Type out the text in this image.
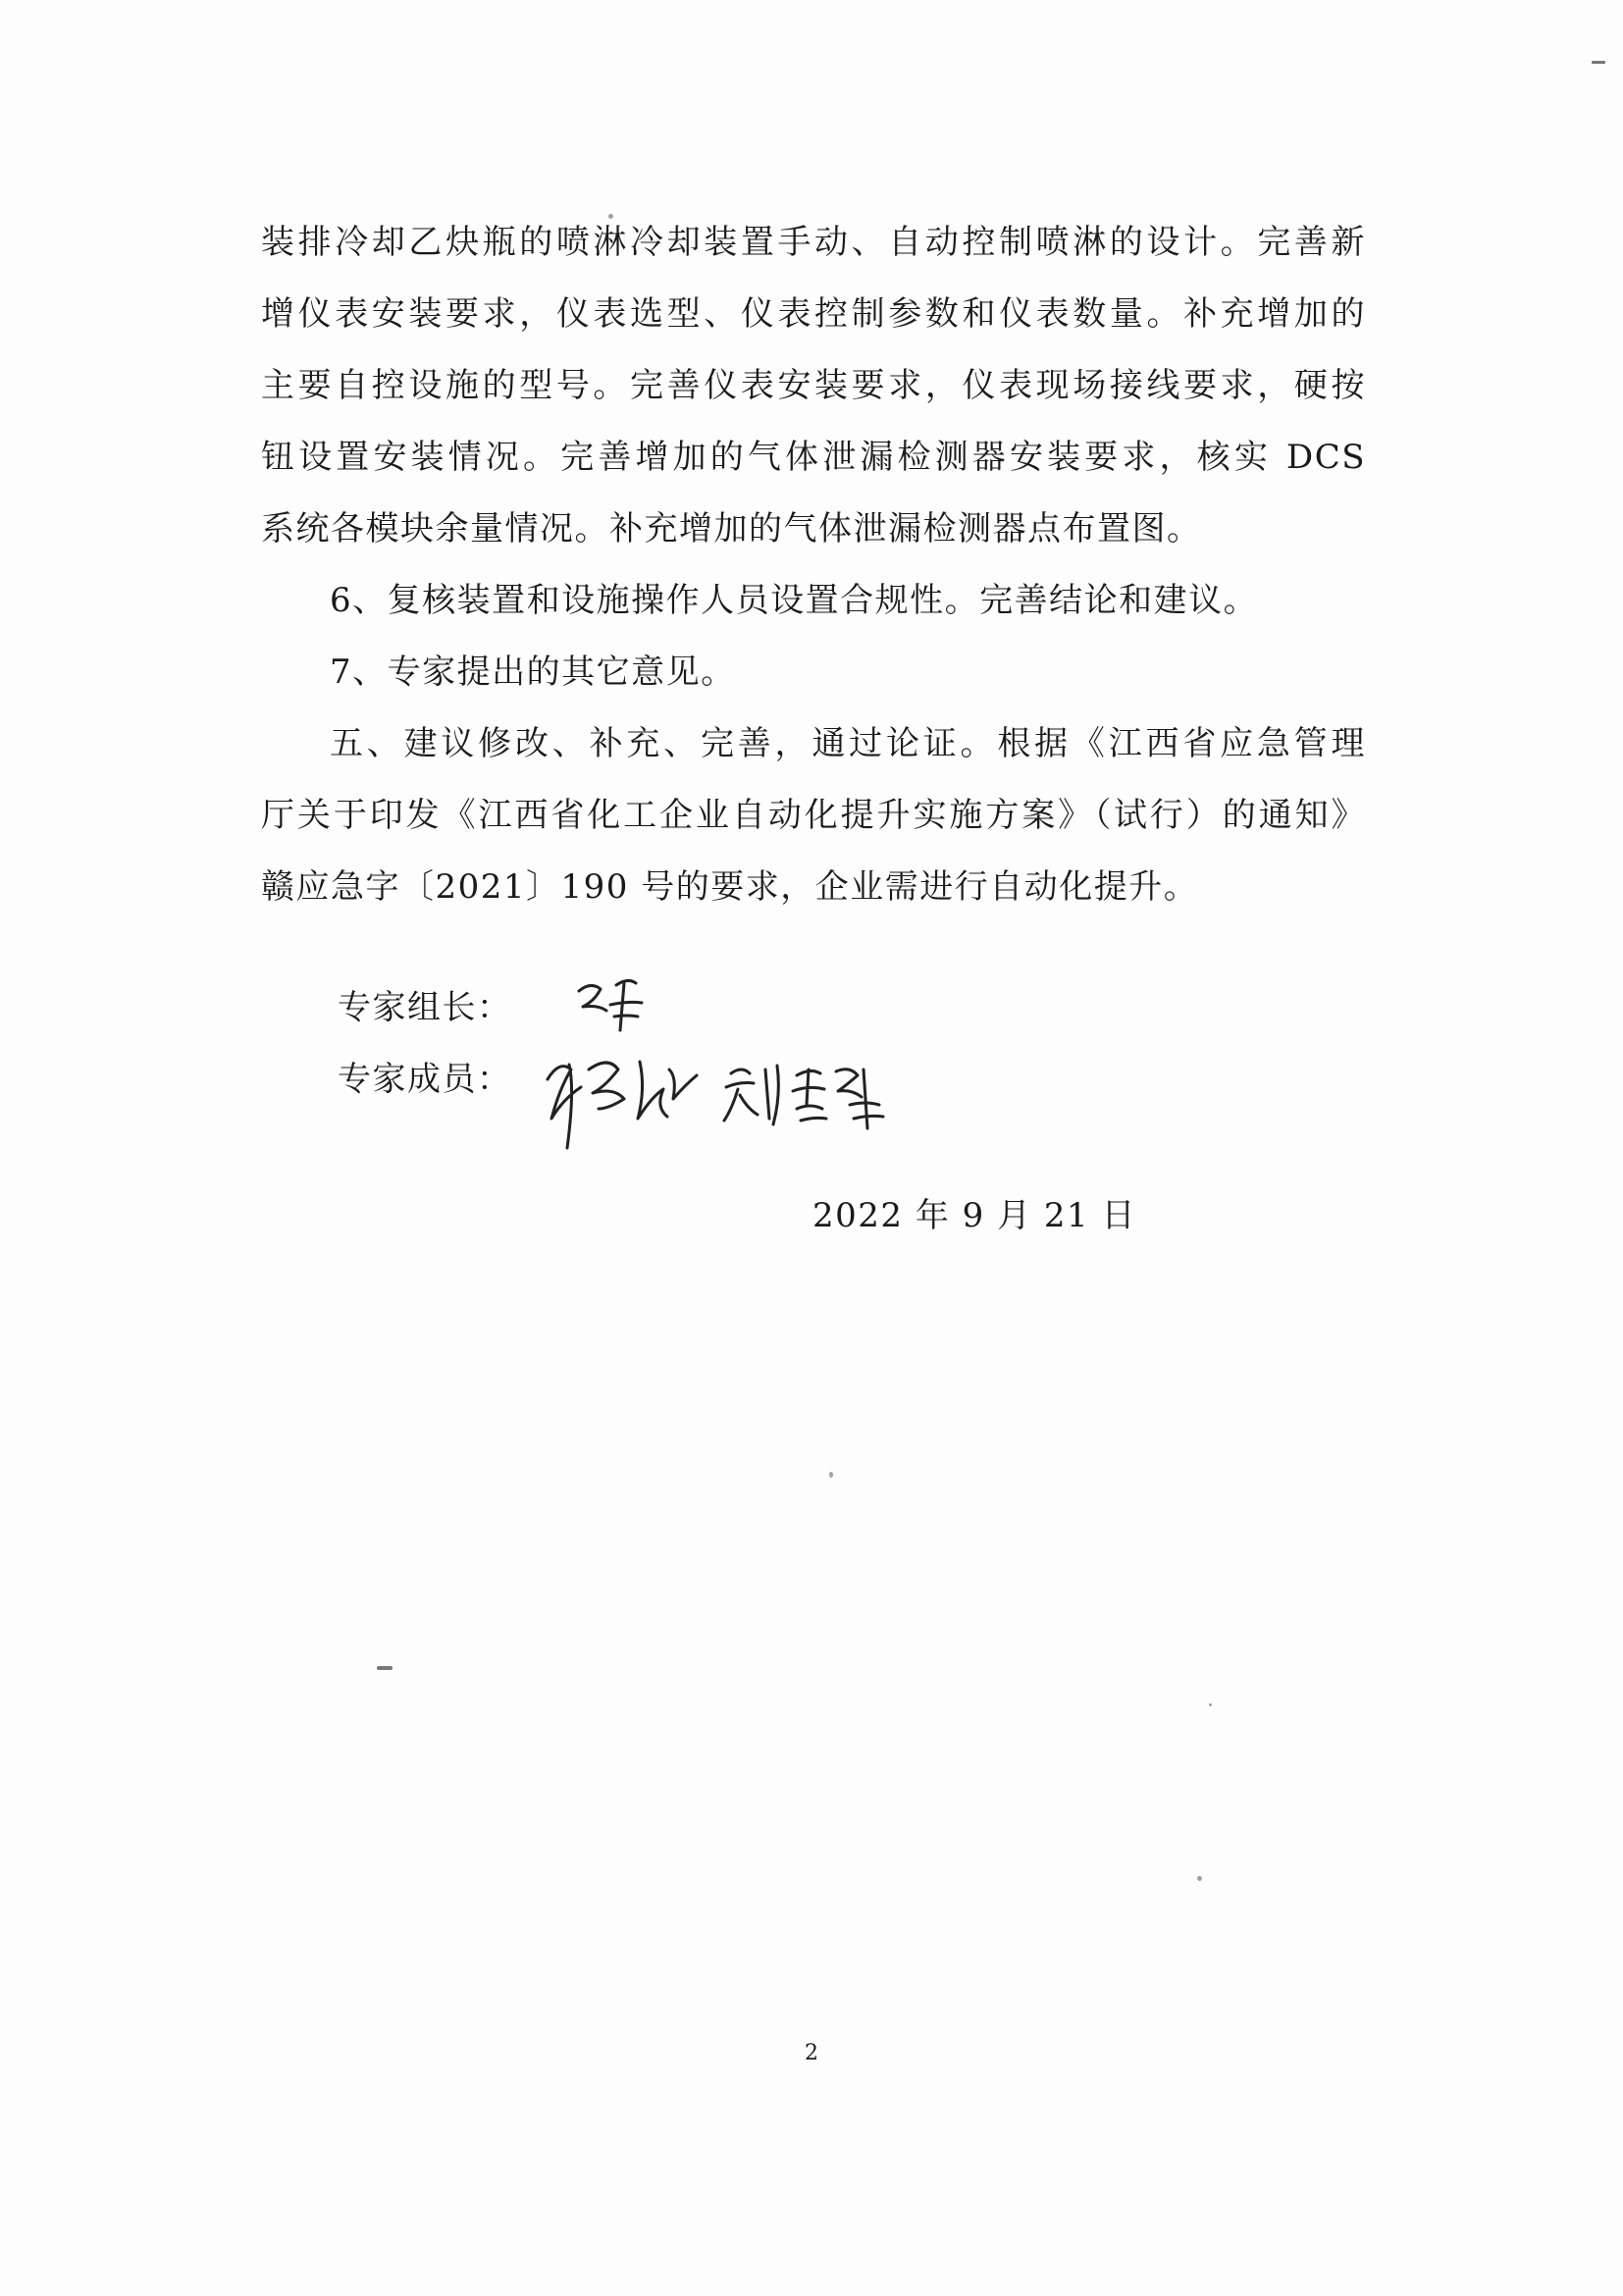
装排冷却乙炔瓶的喷淋冷却装置手动、自动控制喷淋的设计。完善新
增仪表安装要求，仪表选型、仪表控制参数和仪表数量。补充增加的
主要自控设施的型号。完善仪表安装要求，仪表现场接线要求，硬按
钮设置安装情况。完善增加的气体泄漏检测器安装要求，核实 DCS
系统各模块余量情况。补充增加的气体泄漏检测器点布置图。
6、复核装置和设施操作人员设置合规性。完善结论和建议。
7、专家提出的其它意见。
五、建议修改、补充、完善，通过论证。根据《江西省应急管理
厅关于印发《江西省化工企业自动化提升实施方案》（试行）的通知》
赣应急字〔2021〕190 号的要求，企业需进行自动化提升。
专家组长：
专家成员：
2022 年 9 月 21 日
2
